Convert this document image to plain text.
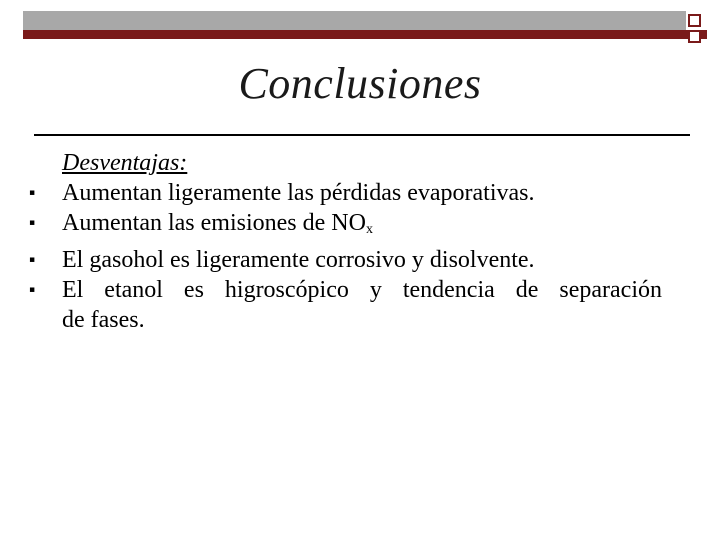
Conclusiones
Desventajas:
▪ Aumentan ligeramente las pérdidas evaporativas.
▪ Aumentan las emisiones de $NO_x$
▪ El gasohol es ligeramente corrosivo y disolvente.
▪ El etanol es higroscópico y tendencia de separación
de fases.
